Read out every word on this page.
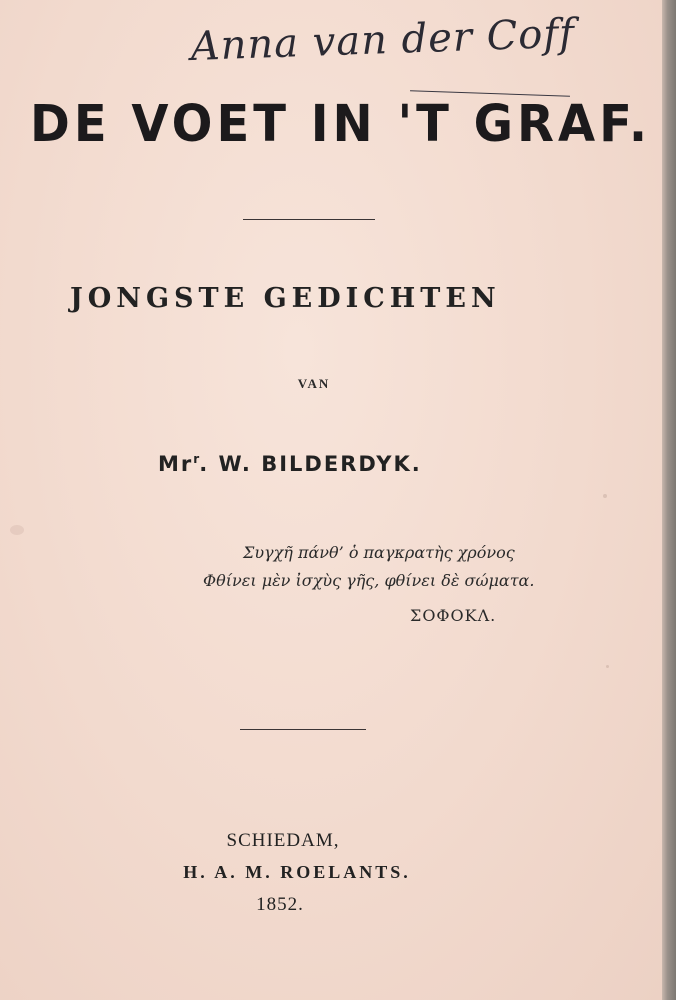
Anna van der Coff
DE VOET IN 'T GRAF.
JONGSTE GEDICHTEN
VAN
Mr$^r$. W. BILDERDYK.
Συγχῆ πάνθ’ ὁ παγκρατὴς χρόνος
Φθίνει μὲν ἰσχὺς γῆς, φθίνει δὲ σώματα.
ΣΟΦΟΚΛ.
SCHIEDAM,
H. A. M. ROELANTS.
1852.
